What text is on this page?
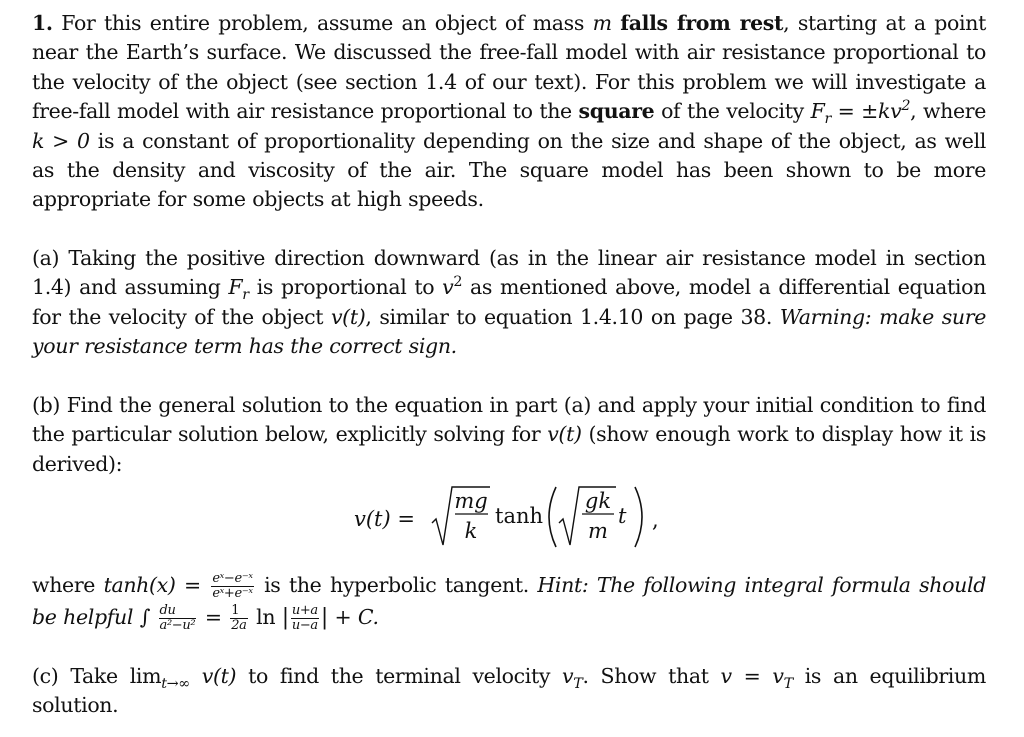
1. For this entire problem, assume an object of mass m falls from rest, starting at a point near the Earth’s surface. We discussed the free-fall model with air resistance proportional to the velocity of the object (see section 1.4 of our text). For this problem we will investigate a free-fall model with air resistance proportional to the square of the velocity $F_r = \pm kv^2$, where k > 0 is a constant of proportionality depending on the size and shape of the object, as well as the density and viscosity of the air. The square model has been shown to be more appropriate for some objects at high speeds.
(a) Taking the positive direction downward (as in the linear air resistance model in section 1.4) and assuming $F_r$ is proportional to $v^2$ as mentioned above, model a differential equation for the velocity of the object v(t), similar to equation 1.4.10 on page 38. Warning: make sure your resistance term has the correct sign.
(b) Find the general solution to the equation in part (a) and apply your initial condition to find the particular solution below, explicitly solving for v(t) (show enough work to display how it is derived):
v(t) =
mg
k
tanh
gk
m
t ,
where $\tanh(x) = \frac{\text{eˣ−e⁻ˣ}}{\text{eˣ+e⁻ˣ}}$ is the hyperbolic tangent. Hint: The following integral formula should be helpful ∫ $\frac{du}{\text{a²−u²}} = \frac{1}{2a}$ ln | $\frac{u+a}{u-a}$ | + C.
(c) Take $\lim_{t\to\infty} v(t)$ to find the terminal velocity $v_T$. Show that $v = v_T$ is an equilibrium solution.
